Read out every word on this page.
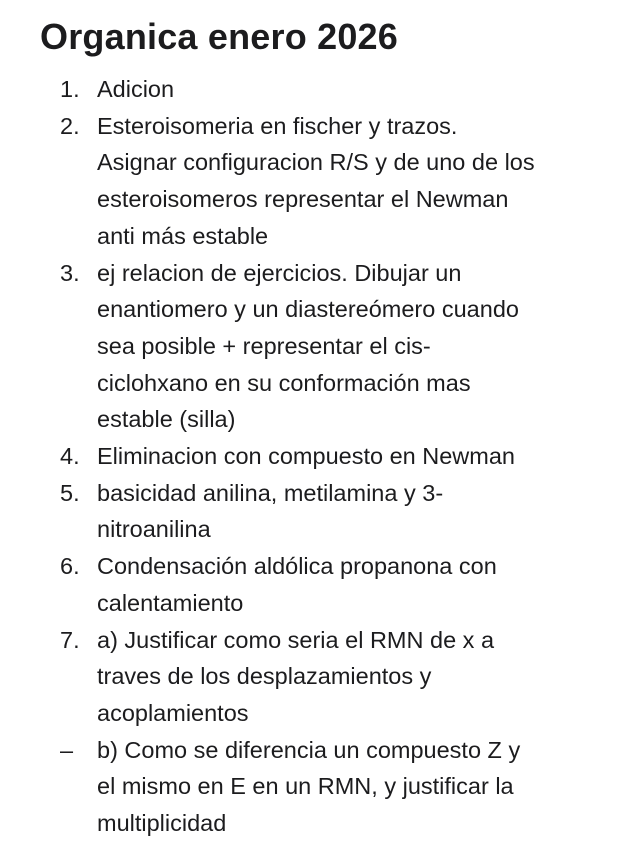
Organica enero 2026
1. Adicion
2. Esteroisomeria en fischer y trazos.
Asignar configuracion R/S y de uno de los
esteroisomeros representar el Newman
anti más estable
3. ej relacion de ejercicios. Dibujar un
enantiomero y un diastereómero cuando
sea posible + representar el cis-
ciclohxano en su conformación mas
estable (silla)
4. Eliminacion con compuesto en Newman
5. basicidad anilina, metilamina y 3-
nitroanilina
6. Condensación aldólica propanona con
calentamiento
7. a) Justificar como seria el RMN de x a
traves de los desplazamientos y
acoplamientos
–	b) Como se diferencia un compuesto Z y
el mismo en E en un RMN, y justificar la
multiplicidad
